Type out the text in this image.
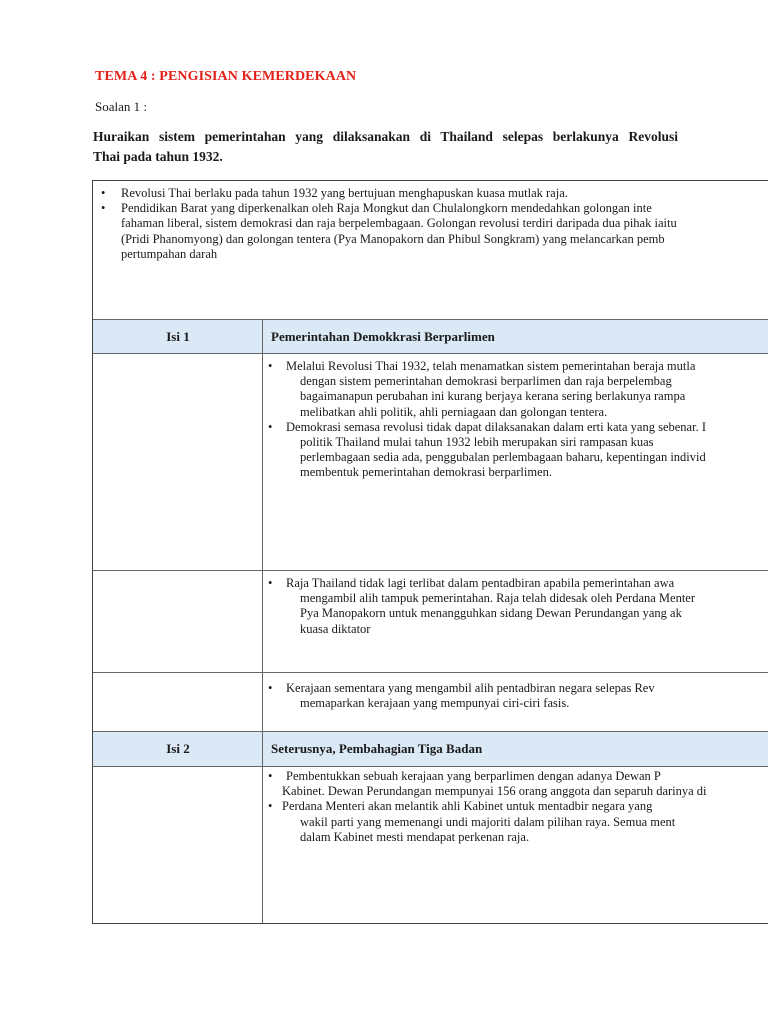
TEMA 4 : PENGISIAN KEMERDEKAAN
Soalan 1 :
Huraikan sistem pemerintahan yang dilaksanakan di Thailand selepas berlakunya Revolusi
Thai pada tahun 1932.
• Revolusi Thai berlaku pada tahun 1932 yang bertujuan menghapuskan kuasa mutlak raja.
• Pendidikan Barat yang diperkenalkan oleh Raja Mongkut dan Chulalongkorn mendedahkan golongan inte
fahaman liberal, sistem demokrasi dan raja berpelembagaan. Golongan revolusi terdiri daripada dua pihak iaitu
(Pridi Phanomyong) dan golongan tentera (Pya Manopakorn dan Phibul Songkram) yang melancarkan pemb
pertumpahan darah
Isi 1	Pemerintahan Demokkrasi Berparlimen
• Melalui Revolusi Thai 1932, telah menamatkan sistem pemerintahan beraja mutla
dengan sistem pemerintahan demokrasi berparlimen dan raja berpelembag
bagaimanapun perubahan ini kurang berjaya kerana sering berlakunya rampa
melibatkan ahli politik, ahli perniagaan dan golongan tentera.
• Demokrasi semasa revolusi tidak dapat dilaksanakan dalam erti kata yang sebenar. I
politik Thailand mulai tahun 1932 lebih merupakan siri rampasan kuas
perlembagaan sedia ada, penggubalan perlembagaan baharu, kepentingan individ
membentuk pemerintahan demokrasi berparlimen.
• Raja Thailand tidak lagi terlibat dalam pentadbiran apabila pemerintahan awa
mengambil alih tampuk pemerintahan. Raja telah didesak oleh Perdana Menter
Pya Manopakorn untuk menangguhkan sidang Dewan Perundangan yang ak
kuasa diktator
• Kerajaan sementara yang mengambil alih pentadbiran negara selepas Rev
memaparkan kerajaan yang mempunyai ciri-ciri fasis.
Isi 2	Seterusnya, Pembahagian Tiga Badan
• Pembentukkan sebuah kerajaan yang berparlimen dengan adanya Dewan P
Kabinet. Dewan Perundangan mempunyai 156 orang anggota dan separuh darinya di
• Perdana Menteri akan melantik ahli Kabinet untuk mentadbir negara yang
wakil parti yang memenangi undi majoriti dalam pilihan raya. Semua ment
dalam Kabinet mesti mendapat perkenan raja.
